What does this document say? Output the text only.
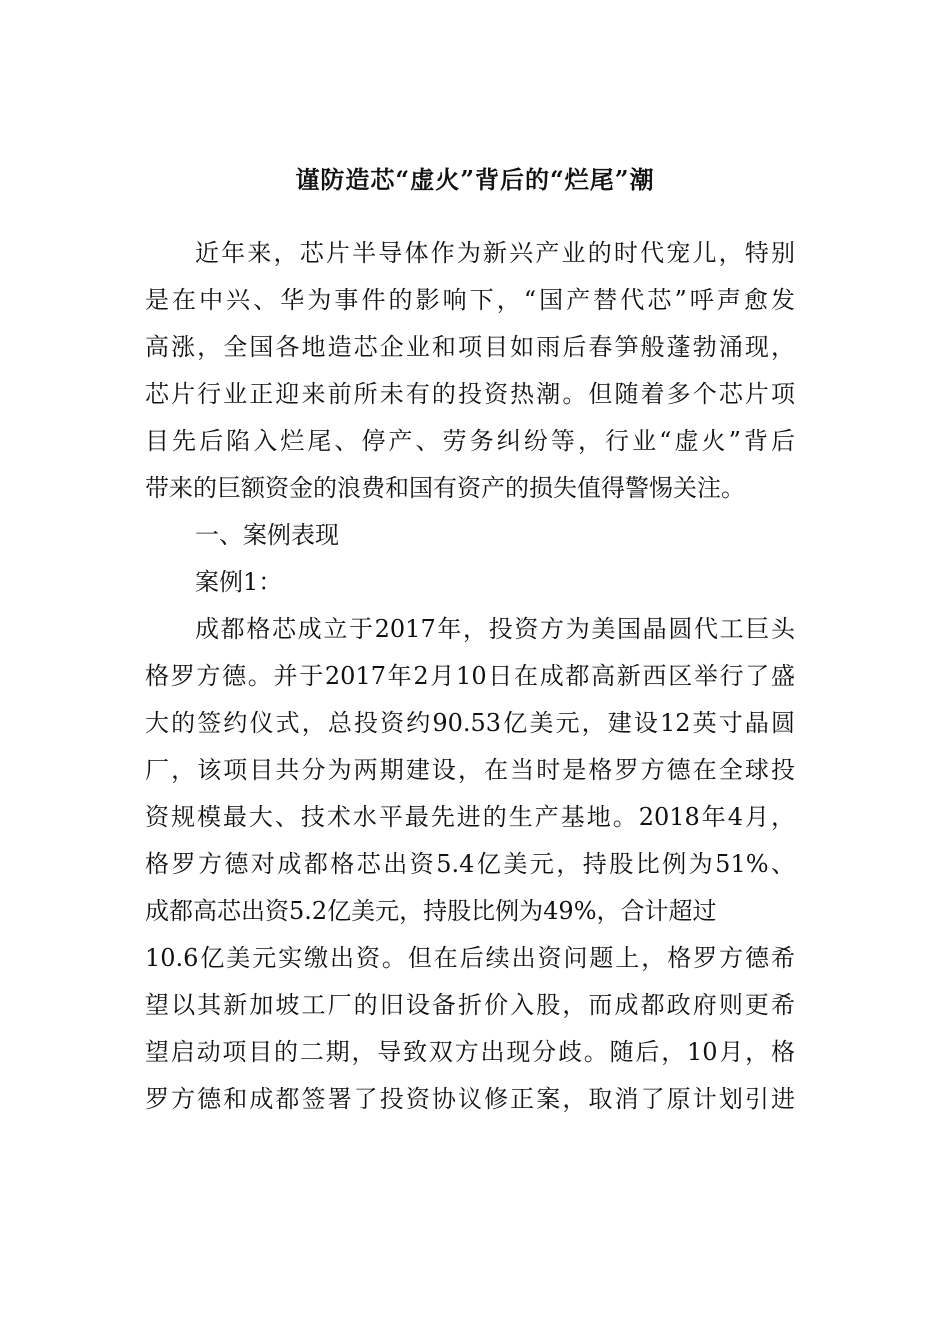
谨防造芯“虚火”背后的“烂尾”潮
近年来，芯片半导体作为新兴产业的时代宠儿，特别
是在中兴、华为事件的影响下，“国产替代芯”呼声愈发
高涨，全国各地造芯企业和项目如雨后春笋般蓬勃涌现，
芯片行业正迎来前所未有的投资热潮。但随着多个芯片项
目先后陷入烂尾、停产、劳务纠纷等，行业“虚火”背后
带来的巨额资金的浪费和国有资产的损失值得警惕关注。
一、案例表现
案例1：
成都格芯成立于2017年，投资方为美国晶圆代工巨头
格罗方德。并于2017年2月10日在成都高新西区举行了盛
大的签约仪式，总投资约90.53亿美元，建设12英寸晶圆
厂，该项目共分为两期建设，在当时是格罗方德在全球投
资规模最大、技术水平最先进的生产基地。2018年4月，
格罗方德对成都格芯出资5.4亿美元，持股比例为51%、
成都高芯出资5.2亿美元，持股比例为49%，合计超过
10.6亿美元实缴出资。但在后续出资问题上，格罗方德希
望以其新加坡工厂的旧设备折价入股，而成都政府则更希
望启动项目的二期，导致双方出现分歧。随后，10月，格
罗方德和成都签署了投资协议修正案，取消了原计划引进
